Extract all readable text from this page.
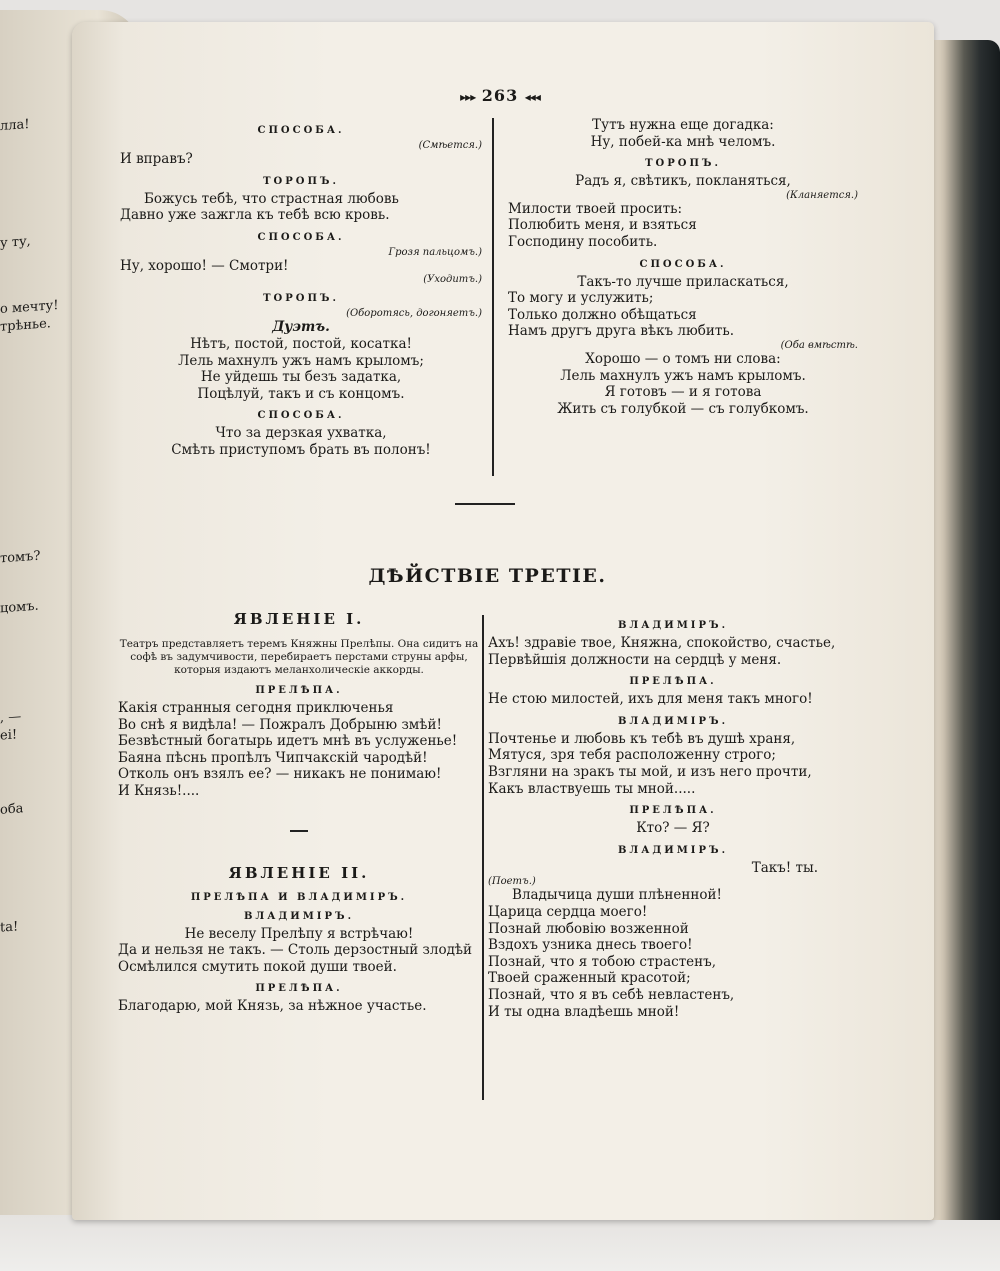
лла!
у ту,
о мечту!
трѣнье.
томъ?
цомъ.
, —
ei!
оба
ta!
▸▸▸ 263 ◂◂◂
СПОСОБА.
(Смѣется.)
И вправъ?
ТОРОПЪ.
Божусь тебѣ, что страстная любовь
Давно уже зажгла къ тебѣ всю кровь.
СПОСОБА.
Грозя пальцомъ.)
Ну, хорошо! — Смотри!
(Уходитъ.)
ТОРОПЪ.
(Оборотясь, догоняетъ.)
Дуэтъ.
Нѣтъ, постой, постой, косатка!
Лель махнулъ ужъ намъ крыломъ;
Не уйдешь ты безъ задатка,
Поцѣлуй, такъ и съ концомъ.
СПОСОБА.
Что за дерзкая ухватка,
Смѣть приступомъ брать въ полонъ!
Тутъ нужна еще догадка:
Ну, побей-ка мнѣ челомъ.
ТОРОПЪ.
Радъ я, свѣтикъ, покланяться,
(Кланяется.)
Милости твоей просить:
Полюбить меня, и взяться
Господину пособить.
СПОСОБА.
Такъ-то лучше приласкаться,
То могу и услужить;
Только должно обѣщаться
Намъ другъ друга вѣкъ любить.
(Оба вмѣстѣ.
Хорошо — о томъ ни слова:
Лель махнулъ ужъ намъ крыломъ.
Я готовъ — и я готова
Жить съ голубкой — съ голубкомъ.
ДѢЙСТВІЕ ТРЕТІЕ.
ЯВЛЕНІЕ I.
Театръ представляетъ теремъ Княжны Прелѣпы. Она сидитъ на софѣ въ задумчивости, перебираетъ перстами струны арфы, которыя издаютъ меланхолическіе аккорды.
ПРЕЛѢПА.
Какія странныя сегодня приключенья
Во снѣ я видѣла! — Пожралъ Добрыню змѣй!
Безвѣстный богатырь идетъ мнѣ въ услуженье!
Баяна пѣснь пропѣлъ Чипчакскій чародѣй!
Отколь онъ взялъ ее? — никакъ не понимаю!
И Князь!....
ЯВЛЕНІЕ II.
ПРЕЛѢПА И ВЛАДИМІРЪ.
ВЛАДИМІРЪ.
Не веселу Прелѣпу я встрѣчаю!
Да и нельзя не такъ. — Столь дерзостный злодѣй
Осмѣлился смутить покой души твоей.
ПРЕЛѢПА.
Благодарю, мой Князь, за нѣжное участье.
ВЛАДИМІРЪ.
Ахъ! здравіе твое, Княжна, спокойство, счастье,
Первѣйшія должности на сердцѣ у меня.
ПРЕЛѢПА.
Не стою милостей, ихъ для меня такъ много!
ВЛАДИМІРЪ.
Почтенье и любовь къ тебѣ въ душѣ храня,
Мятуся, зря тебя расположенну строго;
Взгляни на зракъ ты мой, и изъ него прочти,
Какъ властвуешь ты мной.....
ПРЕЛѢПА.
Кто? — Я?
ВЛАДИМІРЪ.
Такъ! ты.
(Поетъ.)
Владычица души плѣненной!
Царица сердца моего!
Познай любовію возженной
Вздохъ узника днесь твоего!
Познай, что я тобою страстенъ,
Твоей сраженный красотой;
Познай, что я въ себѣ невластенъ,
И ты одна владѣешь мной!
